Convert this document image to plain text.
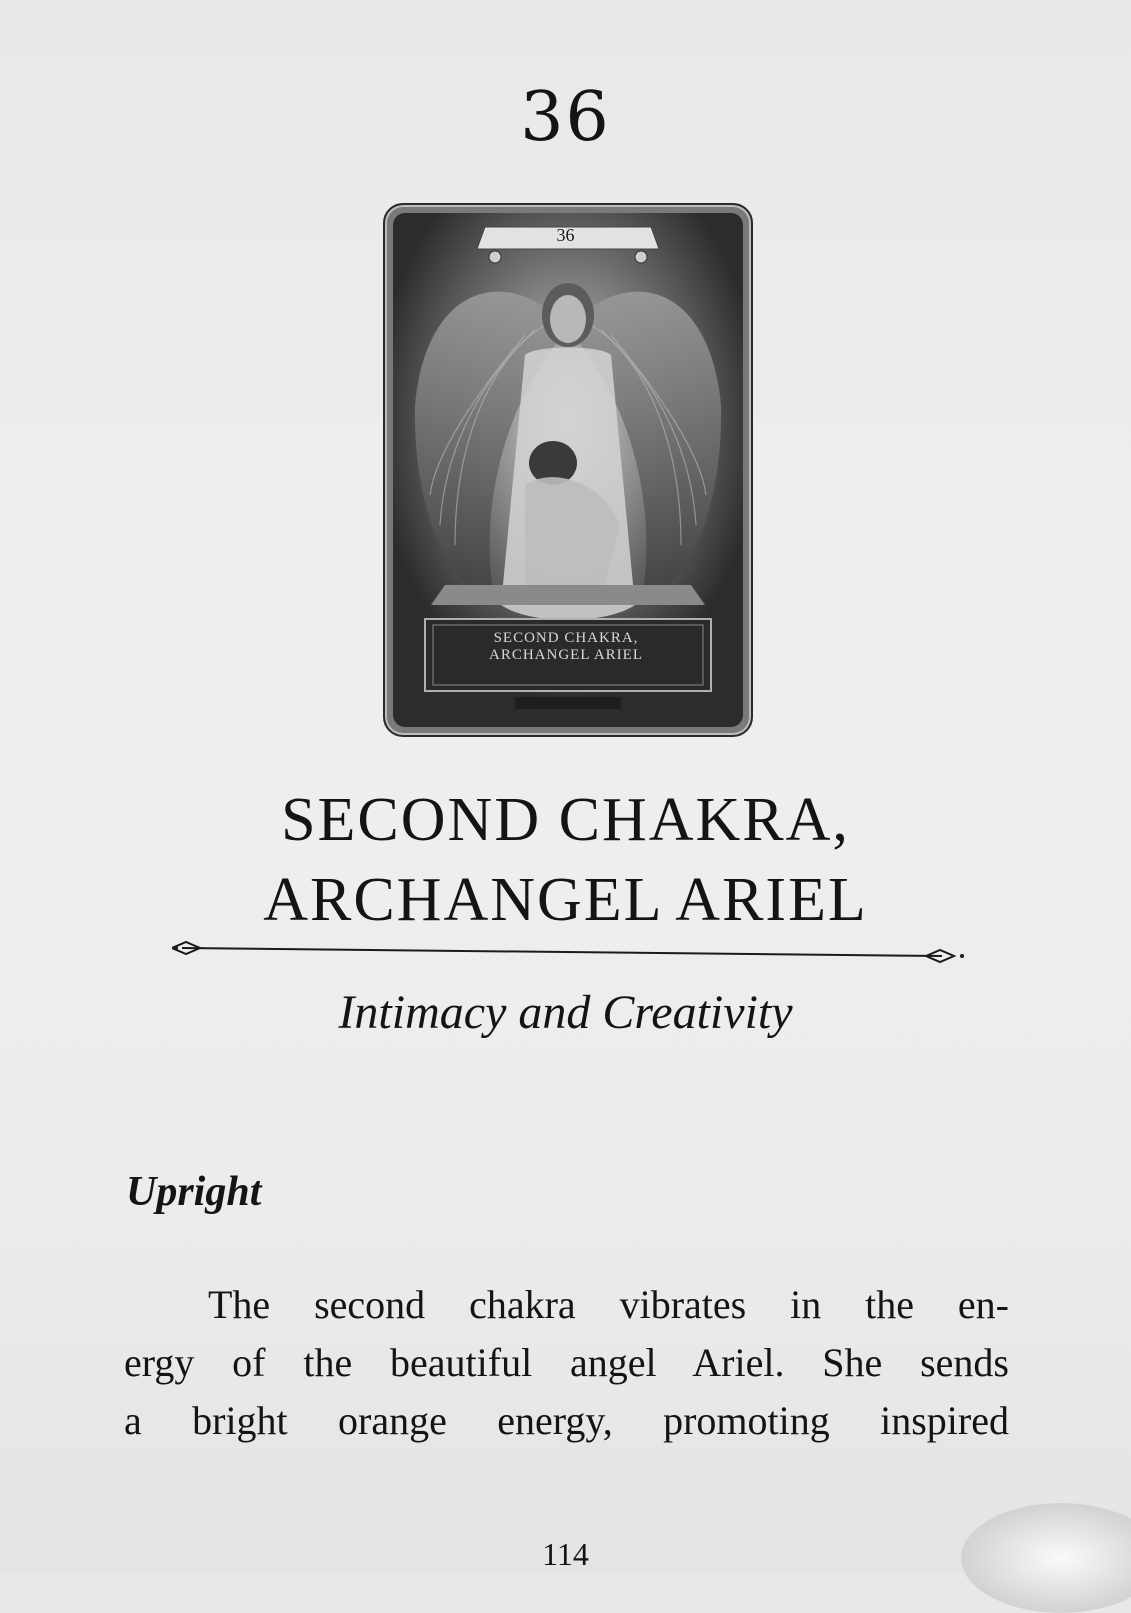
36
36
SECOND CHAKRA,
ARCHANGEL ARIEL
SECOND CHAKRA,
ARCHANGEL ARIEL
Intimacy and Creativity
Upright
The second chakra vibrates in the en-
ergy of the beautiful angel Ariel. She sends
a bright orange energy, promoting inspired
114
